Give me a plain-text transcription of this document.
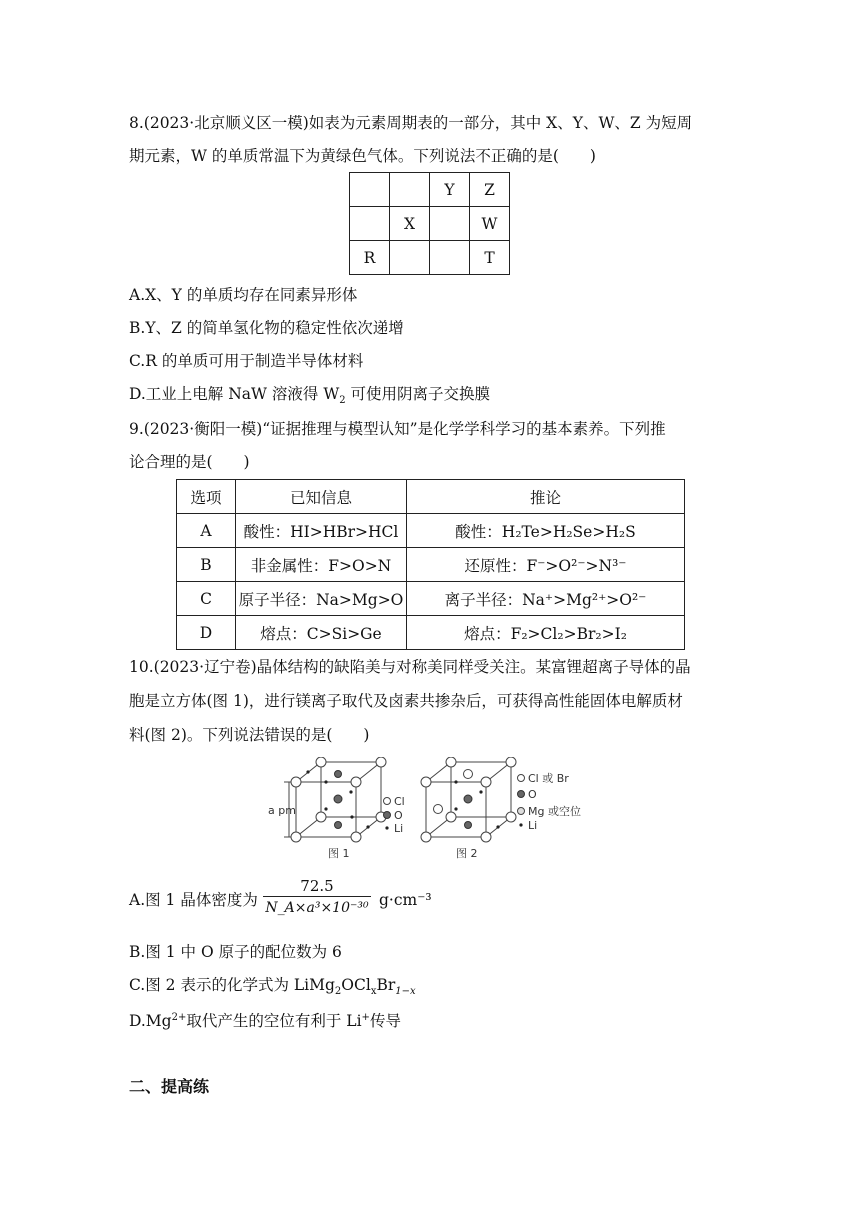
8.(2023·北京顺义区一模)如表为元素周期表的一部分，其中 X、Y、W、Z 为短周
期元素，W 的单质常温下为黄绿色气体。下列说法不正确的是(　　)
		Y	Z
	X		W
R			T
A.X、Y 的单质均存在同素异形体
B.Y、Z 的简单氢化物的稳定性依次递增
C.R 的单质可用于制造半导体材料
D.工业上电解 NaW 溶液得 $W_2$ 可使用阴离子交换膜
9.(2023·衡阳一模)“证据推理与模型认知”是化学学科学习的基本素养。下列推
论合理的是(　　)
选项	已知信息	推论
A	酸性：HI>HBr>HCl	酸性：H₂Te>H₂Se>H₂S
B	非金属性：F>O>N	还原性：F⁻>O²⁻>N³⁻
C	原子半径：Na>Mg>O	离子半径：Na⁺>Mg²⁺>O²⁻
D	熔点：C>Si>Ge	熔点：F₂>Cl₂>Br₂>I₂
10.(2023·辽宁卷)晶体结构的缺陷美与对称美同样受关注。某富锂超离子导体的晶
胞是立方体(图 1)，进行镁离子取代及卤素共掺杂后，可获得高性能固体电解质材
料(图 2)。下列说法错误的是(　　)
a pm
Cl
O
Li
图 1
Cl 或 Br
O
Mg 或空位
Li
图 2
A.图 1 晶体密度为 $\frac{72.5}{\text{N\_A×a³×10⁻³⁰}} g\cdot cm^{-3}$
B.图 1 中 O 原子的配位数为 6
C.图 2 表示的化学式为 $LiMg_2OCl_xBr_{1-x}$
$D.Mg^{2+}$取代产生的空位有利于 Li+传导
二、提高练
